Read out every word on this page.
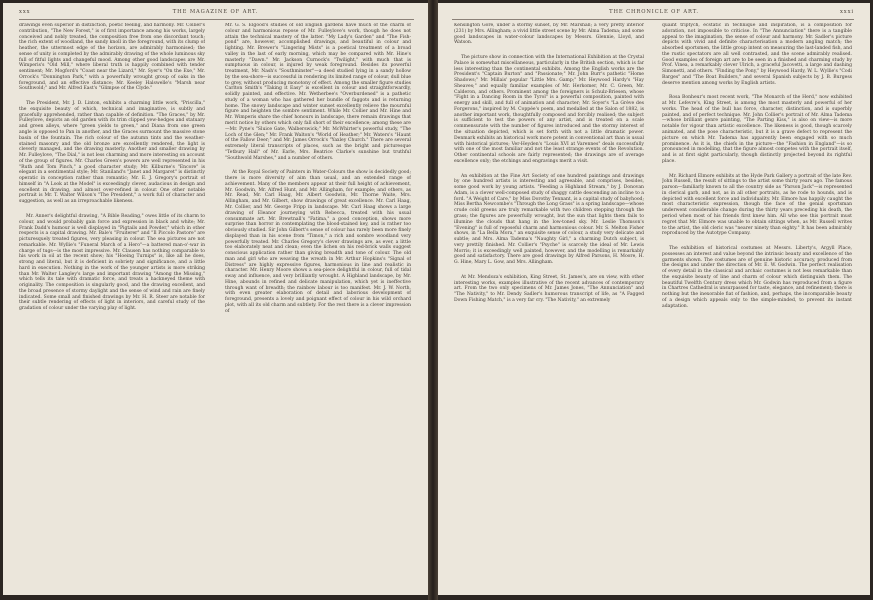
xxx	THE MAGAZINE OF ART.

drawings even superior in distinction, poetic feeling, and harmony. Mr. Collier's contribution, "The New Forest," is of first importance among his works, largely conceived and nobly treated, the composition free from one discordant touch; the rich extent of woodland, the sandy knoll in the foreground, with its clump of heather, the uttermost edge of the horizon, are admirably harmonised; the sense of unity is completed by the admirably drawing of the whole luminous sky full of fitful lights and changeful mood. Among other good landscapes are Mr. Wimperis's "Old Mill," where liberal truth is happily combined with tender sentiment; Mr. Mogford's "Coast near the Lizard," Mr. Syer's "On the Exe," Mr. Orrock's "Donnington Park," with a powerfully wrought group of oaks in the foreground, and an effective distance; Mr. Keeley Halswelle's "Marsh near Southwold;" and Mr. Alfred East's "Glimpse of the Clyde."

The President, Mr. J. D. Linton, exhibits a charming little work, "Priscilla," the exquisite beauty of which, technical and imaginative, is subtly and gracefully apprehended, rather than capable of definition. "The Graces," by Mr. Fulleylove, depicts an old garden with its trim clipped yew-hedges and statuary and green alleys, where "green yields to green," and Diana from one green angle is opposed to Pan in another, and the Graces surmount the massive stone basin of the fountain. The rich colour of the autumn tints and the weather-stained masonry and the old bronze are excellently rendered, the light is cleverly managed, and the drawing masterly. Another and smaller drawing by Mr. Fulleylove, "The Dial," is not less charming and more interesting on account of the group of figures. Mr. Charles Green's powers are well represented in his "Ruth and Tom Pinch," a good character study; Mr. Kilburne's "Encore" is elegant in a sentimental style; Mr. Staniland's "Janet and Margaret" is distinctly operatic in conception rather than romantic; Mr. E. J. Gregory's portrait of himself in "A Look at the Model" is exceedingly clever, audacious in design and excellent in drawing, and almost over-refined in colour. One other notable portrait is Mr. T. Walter Wilson's "The President," a work full of character and suggestion, as well as an irreproachable likeness.

Mr. Anner's delightful drawing, "A Bible Reading," owes little of its charm to colour, and would probably gain force and expression in black and white; Mr. Frank Dadd's humour is well displayed in "Pigtails and Powder," which in other respects is a capital drawing. Mr. Bale's "Fruiterer" and "Il Piccolo Pastore" are picturesquely treated figures, very pleasing in colour. The sea pictures are not remarkable. Mr. Wyllie's "Funeral March of a Hero"—a battered man-o'-war in charge of tugs—is the most impressive. Mr. Clausen has nothing comparable to his work in oil at the recent show; his "Hoeing Turnips" is, like all he does, strong and literal, but it is deficient in sobriety and significance, and a little hard in execution. Nothing in the work of the younger artists is more striking than Mr. Walter Langley's large and important drawing "Among the Missing," which tells its tale with dramatic force, and treats a hackneyed theme with originality. The composition is singularly good, and the drawing excellent, and the broad presence of stormy daylight and the sense of wind and rain are finely indicated. Some small and finished drawings by Mr. H. R. Steer are notable for their subtle rendering of effects of light in interiors, and careful study of the gradation of colour under the varying play of light.

Mr. G. S. Elgood's studies of old English gardens have much of the charm of colour and harmonious repose of Mr. Fulleylove's work, though he does not attain the technical mastery of the latter. "My Lady's Garden" and "The Fish-pond" are, however, accomplished drawings, and beautiful in colour and lighting. Mr. Brewer's "Lingering Mists" is a poetical treatment of a broad valley in the last of early morning, which may be compared with Mr. Hine's masterly "Dawn." Mr. Jackson Curnock's "Twilight," with much that is sumptuous in colour, is injured by weak foreground. Besides its powerful treatment, Mr. Nash's "Southminster"—a deed studied lying in a sandy hollow by the sea-shore—is successful in rendering its limited range of colour, dull blue to grey, without producing monotony of effect. Among the smaller figure studies Carlton Smith's "Taking it Easy" is excellent in colour and straightforwardly, solidly painted, and effective. Mr. Wetherbee's "Overburdened" is a pathetic study of a woman who has gathered her bundle of faggots and is returning home. The snowy landscape and winter sunset excellently relieve the mournful figure and heighten the sombre sentiment. While Mr. Collier and Mr. Hine and Mr. Wimperis share the chief honours in landscape, there remain drawings that merit notice by others which only fall short of their excellence; among these are—Mr. Pyne's "Sluice Gate, Walberswick;" Mr. McWhirter's powerful study, "The Loch of the Glen;" Mr. Frank Walton's "World of Heather;" Mr. Waters's "Haunt of the Fallow Deer;" and Mr. James Orrock's "Yaxley Church." There are several extremely literal transcripts of places, such as the bright and picturesque "Tetbury Hall" of Mr. Earle, Mrs. Beatrice Clarke's sunshine but truthful "Southwold Marshes," and a number of others.

At the Royal Society of Painters in Water-Colours the show is decidedly good; there is more diversity of aim than usual, and an extended range of achievement. Many of the members appear at their full height of achievement, Mr. Goodwin, Mr. Alfred Hunt, and Mr. Allingham, for example; and others, as Mr. Read, Mr. Carl Haag, Mr. Albert Goodwin, Mr. Thorne Waite, Mrs. Allingham, and Mr. Gilbert, show drawings of great excellence. Mr. Carl Haag, Mr. Collier, and Mr. George Fripp in landscape. Mr. Carl Haag shows a large drawing of Eleanor journeying with Rebecca, treated with his usual consummate art. Mr. Brewtnall's "Fatima," a good conception, shows more surprise than horror in contemplating the blood-stained key, and is rather too obviously studied. Sir John Gilbert's sense of colour has rarely been more finely displayed than in his scene from "Timon," a rich and sombre woodland very powerfully treated. Mr. Charles Gregory's clever drawings are, as ever, a little too elaborately neat and clean; even the lichen on his red-brick walls suggest conscious application rather than giving breadth and tone of colour. The old man and girl who are weaving the wreath in Mr. Arthur Hopkins's "Signal of Distress" are highly expressive figures, harmonious in line and realistic in character. Mr. Henry Moore shows a sea-piece delightful in colour, full of tidal sway and influence, and very brilliantly wrought. A Highland landscape, by Mr. Hine, abounds in refined and delicate manipulation, which yet is ineffective through want of breadth; the rainbow labour is too manifest. Mr. J. W. North, with even greater elaboration of detail and laborious development of foreground, presents a lovely and poignant effect of colour in his wild orchard plot, with all its old charm and subtlety. For the rest there is a clever impression of

THE CHRONICLE OF ART.	xxxi

Kensington Gore, under a stormy sunset, by Mr. Marshall; a very pretty interior (231) by Mrs. Allingham; a vivid little street scene by Mr. Alma Tadema; and some good landscapes in water-colour landscapes by Messrs. Glennie, Lloyd, and Watson.

The picture show in connection with the International Exhibition at the Crystal Palace is somewhat miscellaneous, particularly in the British section, which is far less interesting than the continental exhibits. Among the English works are the President's "Captain Burton" and "Passionate;" Mr. John Burr's pathetic "Home Shadows;" Mr. Millais' popular "Little Mrs. Gamp;" Mr. Heywood Hardy's "Hay Sheaves;" and equally familiar examples of Mr. Herkomer, Mr. C. Green, Mr. Calderon, and others. Prominent among the foreigners is Schulz-Briesen, whose "Fight in a Dancing Room in the Tyrol" is a powerful composition, painted with energy and skill, and full of animation and character; Mr. Soyer's "La Grève des Forgerons," inspired by M. Coppée's poem, and medalled at the Salon of 1882, is another important work, thoughtfully composed and forcibly realised; the subject is sufficient to test the powers of any artist, and is treated on a scale commensurate with the number of figures introduced and the stormy interest of the situation depicted, which is set forth with not a little dramatic power. Denmark exhibits an historical work more potent in conventional art than is usual with historical pictures; Ver-Heyden's "Louis XVI at Varennes" deals successfully with one of the most familiar and not the least strange events of the Revolution. Other continental schools are fairly represented; the drawings are of average excellence only; the etchings and engravings merit a visit.

An exhibition at the Fine Art Society of one hundred paintings and drawings by one hundred artists is interesting and agreeable, and comprises, besides, some good work by young artists. "Feeding a Highland Stream," by J. Donovan Adam, is a clever well-composed study of shaggy cattle descending an incline to a ford. "A Weight of Care," by Miss Dorothy Tennant, is a capital study of babyhood; Miss Bertha Newcombe's "Through the Long Grass" is a spring landscape—whose crude cold greens are truly remarkable with two children stepping through the grass; the figures are powerfully wrought, but the sun that lights them fails to illumine the clouds that hang in the low-toned sky. Mr. Leslie Thomson's "Evening" is full of reposeful charm and harmonious colour. Mr. S. Melton Fisher shows, in "La Bella Mora," an exquisite sense of colour, a study very delicate and subtle; and Mrs. Alma Tadema's "Naughty Girl," a charming Dutch subject, is very prettily finished. Mr. Collier's "Psyche" is scarcely the ideal of Mr. Lewis Morris; it is exceedingly well painted, however, and the modelling is remarkably good and satisfactory. There are good drawings by Alfred Parsons, H. Moore, H. G. Hine, Mary L. Gow, and Mrs. Allingham.

At Mr. Mendoza's exhibition, King Street, St. James's, are on view, with other interesting works, examples illustrative of the recent advances of contemporary art. From the two only specimens of Mr. James Jones, "The Annunciation" and "The Nativity," to Mr. Dendy Sadler's humorous transcript of life, as "A Fagged Down Fishing Match," is a very far cry. "The Nativity," an extremely

quaint triptych, ecstatic in technique and inspiration, is a composition for adoration, not impossible to criticise. In "The Annunciation" there is a tangible appeal to the imagination, the sense of colour and harmony. Mr. Sadler's picture depicts with vivid and definite characterisation a modern angling match; the absorbed sportsmen, the little group intent on measuring the last-landed fish, and the rustic spectators are all well contrasted, and the scene admirably realised. Good examples of foreign art are to be seen in a finished and charming study by Prof. Vinea, a remarkably clever Ulrich, a graceful Jacovetti, a large and dashing Simonetti, and others. "Finding the Pony," by Heywood Hardy, W. L. Wyllie's "Codi Barges" and "The Boat Builders," and several Spanish subjects by J. B. Burgess deserve mention among works by English artists.

Rosa Bonheur's most recent work, "The Monarch of the Herd," now exhibited at Mr. Lefevre's, King Street, is among the most masterly and powerful of her works. The head of the bull has force, character, distinction, and is superbly painted, and of perfect technique. Mr. John Collier's portrait of Mr. Alma Tadema—whose brilliant genre painting, "The Parting Kiss," is also on view—is more notable for vigour than artistic excellence. The likeness is good, though scarcely animated, and the pose characteristic, but it is a grave defect to represent the picture on which Mr. Tadema has apparently been engaged with so much prominence. As it is, the chiefs in the picture—the "Fashion in England"—is so pronounced in modelling, that the figure almost competes with the portrait itself, and is at first sight particularly, though distinctly projected beyond its rightful place.

Mr. Richard Elmore exhibits at the Hyde Park Gallery a portrait of the late Rev. John Russell, the result of sittings to the artist some thirty years ago. The famous parson—familiarly known to all the country side as "Parson Jack"—is represented in clerical garb, and not, as in all other portraits, as he rode to hounds, and is depicted with excellent force and individuality. Mr. Elmore has happily caught the most characteristic expression, though the face of the genial sportsman underwent considerable change during the thirty years preceding his death, the period when most of his friends first knew him. All who see this portrait must regret that Mr. Elmore was unable to obtain sittings when, as Mr. Russell writes to the artist, the old cleric was "nearer ninety than eighty." It has been admirably reproduced by the Autotype Company.

The exhibition of historical costumes at Messrs. Liberty's, Argyll Place, possesses an interest and value beyond the intrinsic beauty and excellence of the garments shown. The costumes are of genuine historic accuracy, produced from the designs and under the direction of Mr. E. W. Godwin. The perfect realisation of every detail in the classical and archaic costumes is not less remarkable than the exquisite beauty of line and charm of colour which distinguish them. The beautiful Twelfth Century dress which Mr. Godwin has reproduced from a figure in Chartres Cathedral is unsurpassed for taste, elegance, and refinement; there is nothing but the inexorable fiat of fashion, and, perhaps, the incomparable beauty of a design which appeals only to the simple-minded, to prevent its instant adaptation.
